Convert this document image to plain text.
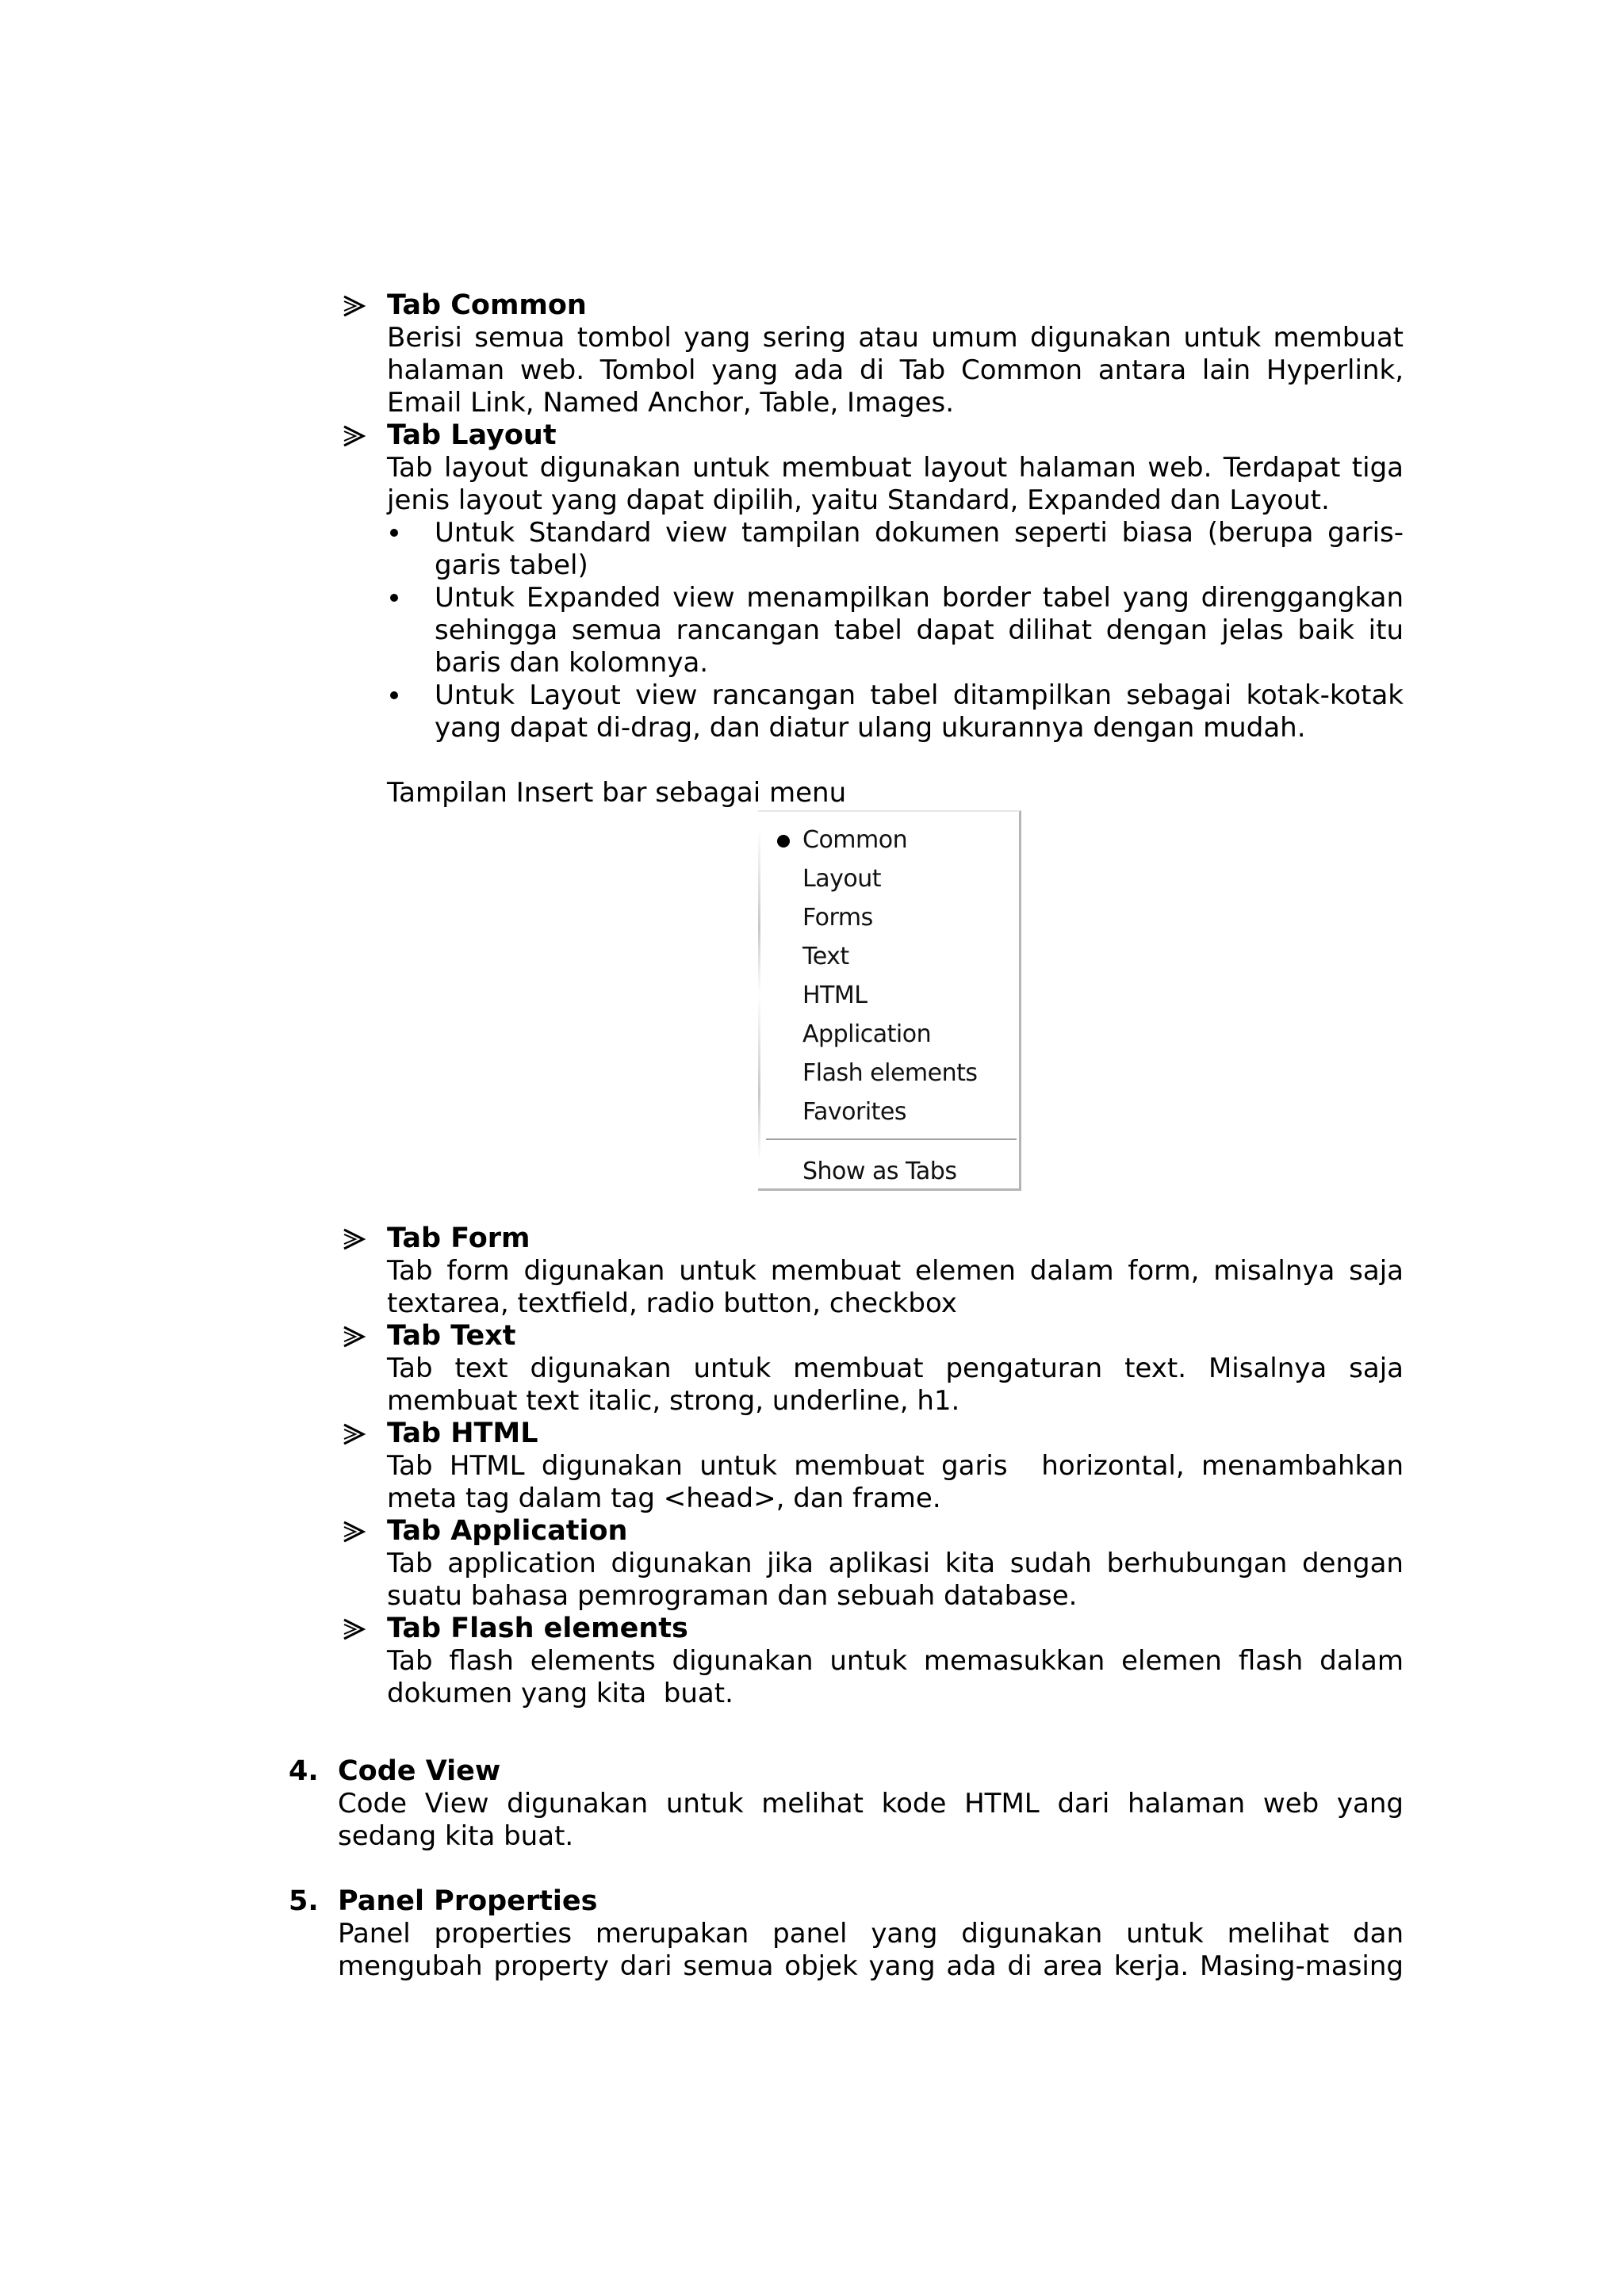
Tab Common
Berisi semua tombol yang sering atau umum digunakan untuk membuat halaman web. Tombol yang ada di Tab Common antara lain Hyperlink, Email Link, Named Anchor, Table, Images.
Tab Layout
Tab layout digunakan untuk membuat layout halaman web. Terdapat tiga jenis layout yang dapat dipilih, yaitu Standard, Expanded dan Layout.
Untuk Standard view tampilan dokumen seperti biasa (berupa garis-garis tabel)
Untuk Expanded view menampilkan border tabel yang direnggangkan sehingga semua rancangan tabel dapat dilihat dengan jelas baik itu baris dan kolomnya.
Untuk Layout view rancangan tabel ditampilkan sebagai kotak-kotak yang dapat di-drag, dan diatur ulang ukurannya dengan mudah.
Tampilan Insert bar sebagai menu
Common
Layout
Forms
Text
HTML
Application
Flash elements
Favorites
Show as Tabs
Tab Form
Tab form digunakan untuk membuat elemen dalam form, misalnya saja textarea, textfield, radio button, checkbox
Tab Text
Tab text digunakan untuk membuat pengaturan text. Misalnya saja membuat text italic, strong, underline, h1.
Tab HTML
Tab HTML digunakan untuk membuat garis  horizontal, menambahkan meta tag dalam tag <head>, dan frame.
Tab Application
Tab application digunakan jika aplikasi kita sudah berhubungan dengan suatu bahasa pemrograman dan sebuah database.
Tab Flash elements
Tab flash elements digunakan untuk memasukkan elemen flash dalam dokumen yang kita  buat.
4. Code View
Code View digunakan untuk melihat kode HTML dari halaman web yang sedang kita buat.
5. Panel Properties
Panel properties merupakan panel yang digunakan untuk melihat dan mengubah property dari semua objek yang ada di area kerja. Masing-masing
